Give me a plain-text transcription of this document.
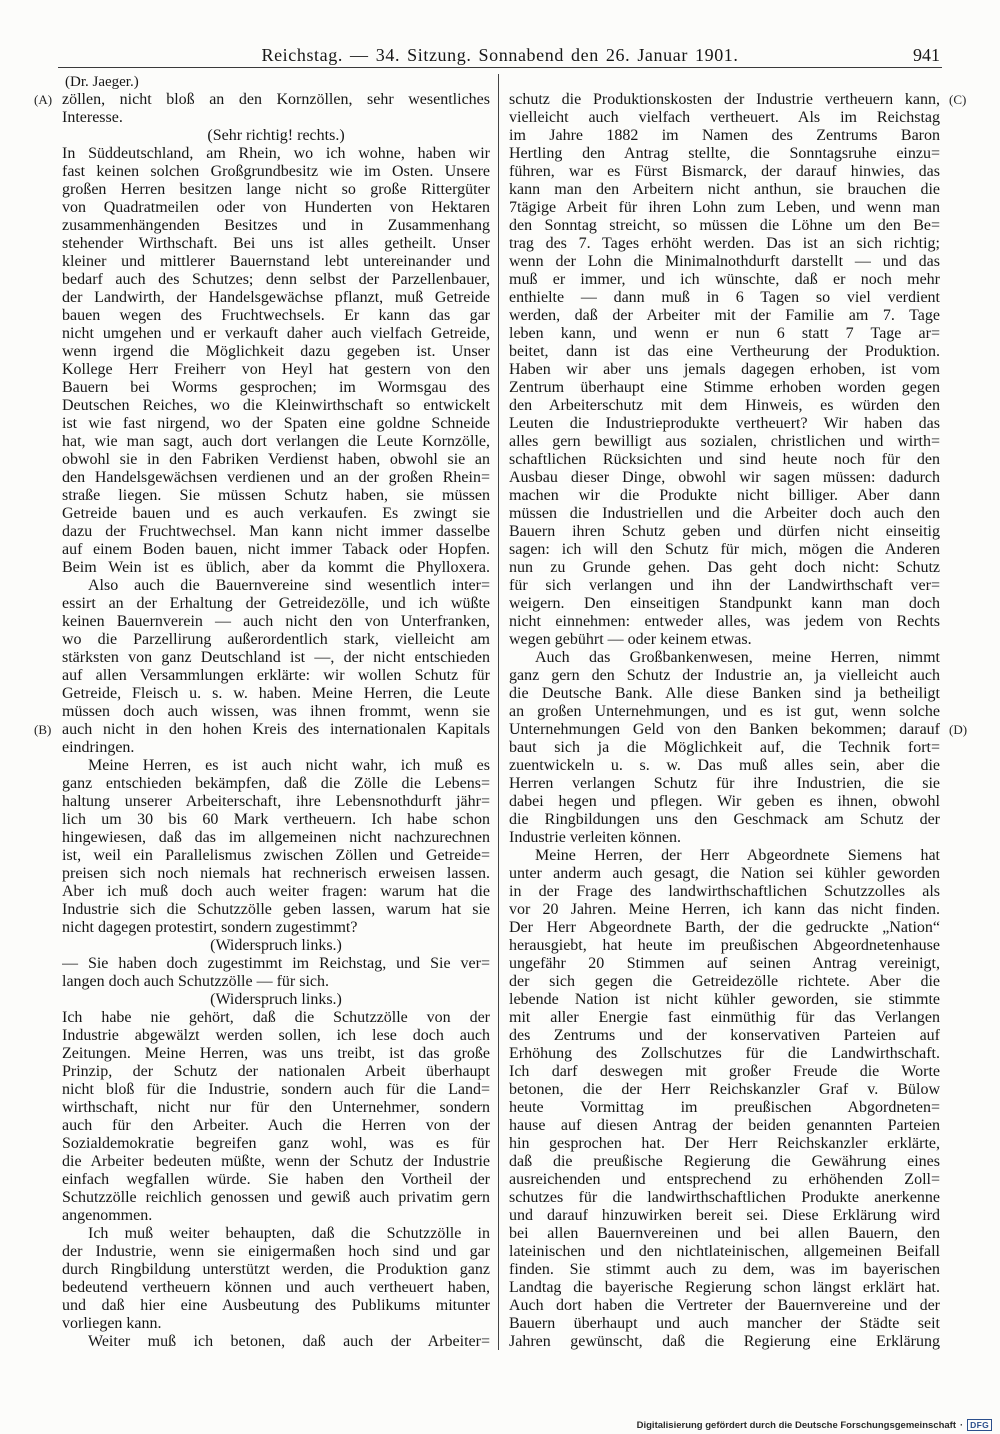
Reichstag. — 34. Sitzung. Sonnabend den 26. Januar 1901.	941
(Dr. Jaeger.)
zöllen, nicht bloß an den Kornzöllen, sehr wesentliches
Interesse.
(Sehr richtig! rechts.)
In Süddeutschland, am Rhein, wo ich wohne, haben wir
fast keinen solchen Großgrundbesitz wie im Osten. Unsere
großen Herren besitzen lange nicht so große Rittergüter
von Quadratmeilen oder von Hunderten von Hektaren
zusammenhängenden Besitzes und in Zusammenhang
stehender Wirthschaft. Bei uns ist alles getheilt. Unser
kleiner und mittlerer Bauernstand lebt untereinander und
bedarf auch des Schutzes; denn selbst der Parzellenbauer,
der Landwirth, der Handelsgewächse pflanzt, muß Getreide
bauen wegen des Fruchtwechsels. Er kann das gar
nicht umgehen und er verkauft daher auch vielfach Getreide,
wenn irgend die Möglichkeit dazu gegeben ist. Unser
Kollege Herr Freiherr von Heyl hat gestern von den
Bauern bei Worms gesprochen; im Wormsgau des
Deutschen Reiches, wo die Kleinwirthschaft so entwickelt
ist wie fast nirgend, wo der Spaten eine goldne Schneide
hat, wie man sagt, auch dort verlangen die Leute Kornzölle,
obwohl sie in den Fabriken Verdienst haben, obwohl sie an
den Handelsgewächsen verdienen und an der großen Rhein=
straße liegen. Sie müssen Schutz haben, sie müssen
Getreide bauen und es auch verkaufen. Es zwingt sie
dazu der Fruchtwechsel. Man kann nicht immer dasselbe
auf einem Boden bauen, nicht immer Taback oder Hopfen.
Beim Wein ist es üblich, aber da kommt die Phylloxera.
Also auch die Bauernvereine sind wesentlich inter=
essirt an der Erhaltung der Getreidezölle, und ich wüßte
keinen Bauernverein — auch nicht den von Unterfranken,
wo die Parzellirung außerordentlich stark, vielleicht am
stärksten von ganz Deutschland ist —, der nicht entschieden
auf allen Versammlungen erklärte: wir wollen Schutz für
Getreide, Fleisch u. s. w. haben. Meine Herren, die Leute
müssen doch auch wissen, was ihnen frommt, wenn sie
auch nicht in den hohen Kreis des internationalen Kapitals
eindringen.
Meine Herren, es ist auch nicht wahr, ich muß es
ganz entschieden bekämpfen, daß die Zölle die Lebens=
haltung unserer Arbeiterschaft, ihre Lebensnothdurft jähr=
lich um 30 bis 60 Mark vertheuern. Ich habe schon
hingewiesen, daß das im allgemeinen nicht nachzurechnen
ist, weil ein Parallelismus zwischen Zöllen und Getreide=
preisen sich noch niemals hat rechnerisch erweisen lassen.
Aber ich muß doch auch weiter fragen: warum hat die
Industrie sich die Schutzzölle geben lassen, warum hat sie
nicht dagegen protestirt, sondern zugestimmt?
(Widerspruch links.)
— Sie haben doch zugestimmt im Reichstag, und Sie ver=
langen doch auch Schutzzölle — für sich.
(Widerspruch links.)
Ich habe nie gehört, daß die Schutzzölle von der
Industrie abgewälzt werden sollen, ich lese doch auch
Zeitungen. Meine Herren, was uns treibt, ist das große
Prinzip, der Schutz der nationalen Arbeit überhaupt
nicht bloß für die Industrie, sondern auch für die Land=
wirthschaft, nicht nur für den Unternehmer, sondern
auch für den Arbeiter. Auch die Herren von der
Sozialdemokratie begreifen ganz wohl, was es für
die Arbeiter bedeuten müßte, wenn der Schutz der Industrie
einfach wegfallen würde. Sie haben den Vortheil der
Schutzzölle reichlich genossen und gewiß auch privatim gern
angenommen.
Ich muß weiter behaupten, daß die Schutzzölle in
der Industrie, wenn sie einigermaßen hoch sind und gar
durch Ringbildung unterstützt werden, die Produktion ganz
bedeutend vertheuern können und auch vertheuert haben,
und daß hier eine Ausbeutung des Publikums mitunter
vorliegen kann.
Weiter muß ich betonen, daß auch der Arbeiter=
schutz die Produktionskosten der Industrie vertheuern kann,
vielleicht auch vielfach vertheuert. Als im Reichstag
im Jahre 1882 im Namen des Zentrums Baron
Hertling den Antrag stellte, die Sonntagsruhe einzu=
führen, war es Fürst Bismarck, der darauf hinwies, das
kann man den Arbeitern nicht anthun, sie brauchen die
7tägige Arbeit für ihren Lohn zum Leben, und wenn man
den Sonntag streicht, so müssen die Löhne um den Be=
trag des 7. Tages erhöht werden. Das ist an sich richtig;
wenn der Lohn die Minimalnothdurft darstellt — und das
muß er immer, und ich wünschte, daß er noch mehr
enthielte — dann muß in 6 Tagen so viel verdient
werden, daß der Arbeiter mit der Familie am 7. Tage
leben kann, und wenn er nun 6 statt 7 Tage ar=
beitet, dann ist das eine Vertheurung der Produktion.
Haben wir aber uns jemals dagegen erhoben, ist vom
Zentrum überhaupt eine Stimme erhoben worden gegen
den Arbeiterschutz mit dem Hinweis, es würden den
Leuten die Industrieprodukte vertheuert? Wir haben das
alles gern bewilligt aus sozialen, christlichen und wirth=
schaftlichen Rücksichten und sind heute noch für den
Ausbau dieser Dinge, obwohl wir sagen müssen: dadurch
machen wir die Produkte nicht billiger. Aber dann
müssen die Industriellen und die Arbeiter doch auch den
Bauern ihren Schutz geben und dürfen nicht einseitig
sagen: ich will den Schutz für mich, mögen die Anderen
nun zu Grunde gehen. Das geht doch nicht: Schutz
für sich verlangen und ihn der Landwirthschaft ver=
weigern. Den einseitigen Standpunkt kann man doch
nicht einnehmen: entweder alles, was jedem von Rechts
wegen gebührt — oder keinem etwas.
Auch das Großbankenwesen, meine Herren, nimmt
ganz gern den Schutz der Industrie an, ja vielleicht auch
die Deutsche Bank. Alle diese Banken sind ja betheiligt
an großen Unternehmungen, und es ist gut, wenn solche
Unternehmungen Geld von den Banken bekommen; darauf
baut sich ja die Möglichkeit auf, die Technik fort=
zuentwickeln u. s. w. Das muß alles sein, aber die
Herren verlangen Schutz für ihre Industrien, die sie
dabei hegen und pflegen. Wir geben es ihnen, obwohl
die Ringbildungen uns den Geschmack am Schutz der
Industrie verleiten können.
Meine Herren, der Herr Abgeordnete Siemens hat
unter anderm auch gesagt, die Nation sei kühler geworden
in der Frage des landwirthschaftlichen Schutzzolles als
vor 20 Jahren. Meine Herren, ich kann das nicht finden.
Der Herr Abgeordnete Barth, der die gedruckte „Nation“
herausgiebt, hat heute im preußischen Abgeordnetenhause
ungefähr 20 Stimmen auf seinen Antrag vereinigt,
der sich gegen die Getreidezölle richtete. Aber die
lebende Nation ist nicht kühler geworden, sie stimmte
mit aller Energie fast einmüthig für das Verlangen
des Zentrums und der konservativen Parteien auf
Erhöhung des Zollschutzes für die Landwirthschaft.
Ich darf deswegen mit großer Freude die Worte
betonen, die der Herr Reichskanzler Graf v. Bülow
heute Vormittag im preußischen Abgordneten=
hause auf diesen Antrag der beiden genannten Parteien
hin gesprochen hat. Der Herr Reichskanzler erklärte,
daß die preußische Regierung die Gewährung eines
ausreichenden und entsprechend zu erhöhenden Zoll=
schutzes für die landwirthschaftlichen Produkte anerkenne
und darauf hinzuwirken bereit sei. Diese Erklärung wird
bei allen Bauernvereinen und bei allen Bauern, den
lateinischen und den nichtlateinischen, allgemeinen Beifall
finden. Sie stimmt auch zu dem, was im bayerischen
Landtag die bayerische Regierung schon längst erklärt hat.
Auch dort haben die Vertreter der Bauernvereine und der
Bauern überhaupt und auch mancher der Städte seit
Jahren gewünscht, daß die Regierung eine Erklärung
(A)
(B)
(C)
(D)
Digitalisierung gefördert durch die Deutsche Forschungsgemeinschaft · DFG
